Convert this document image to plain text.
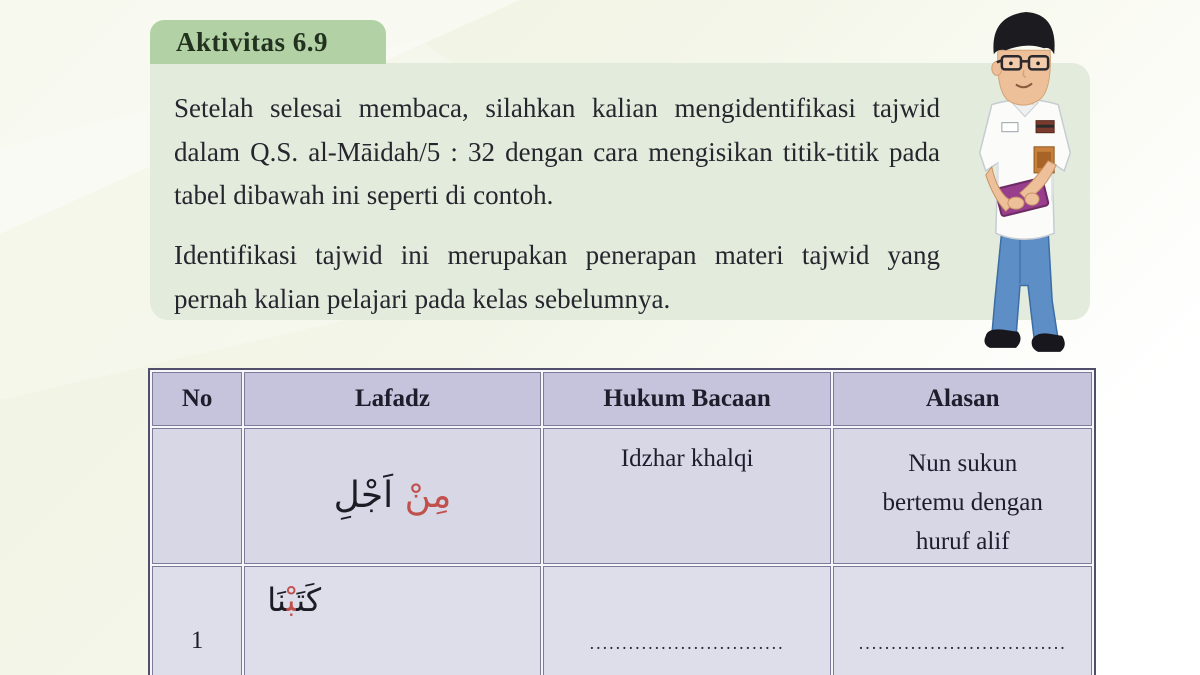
Aktivitas 6.9

Setelah selesai membaca, silahkan kalian mengidentifikasi tajwid dalam Q.S. al-Māidah/5 : 32 dengan cara mengisikan titik-titik pada tabel dibawah ini seperti di contoh.

Identifikasi tajwid ini merupakan penerapan materi tajwid yang pernah kalian pelajari pada kelas sebelumnya.

No	Lafadz	Hukum Bacaan	Alasan

	مِنْ اَجْلِ	Idzhar khalqi	Nun sukun
bertemu dengan
huruf alif

1	كَتَ‍‍بْ‍‍نَا	..............................	................................
